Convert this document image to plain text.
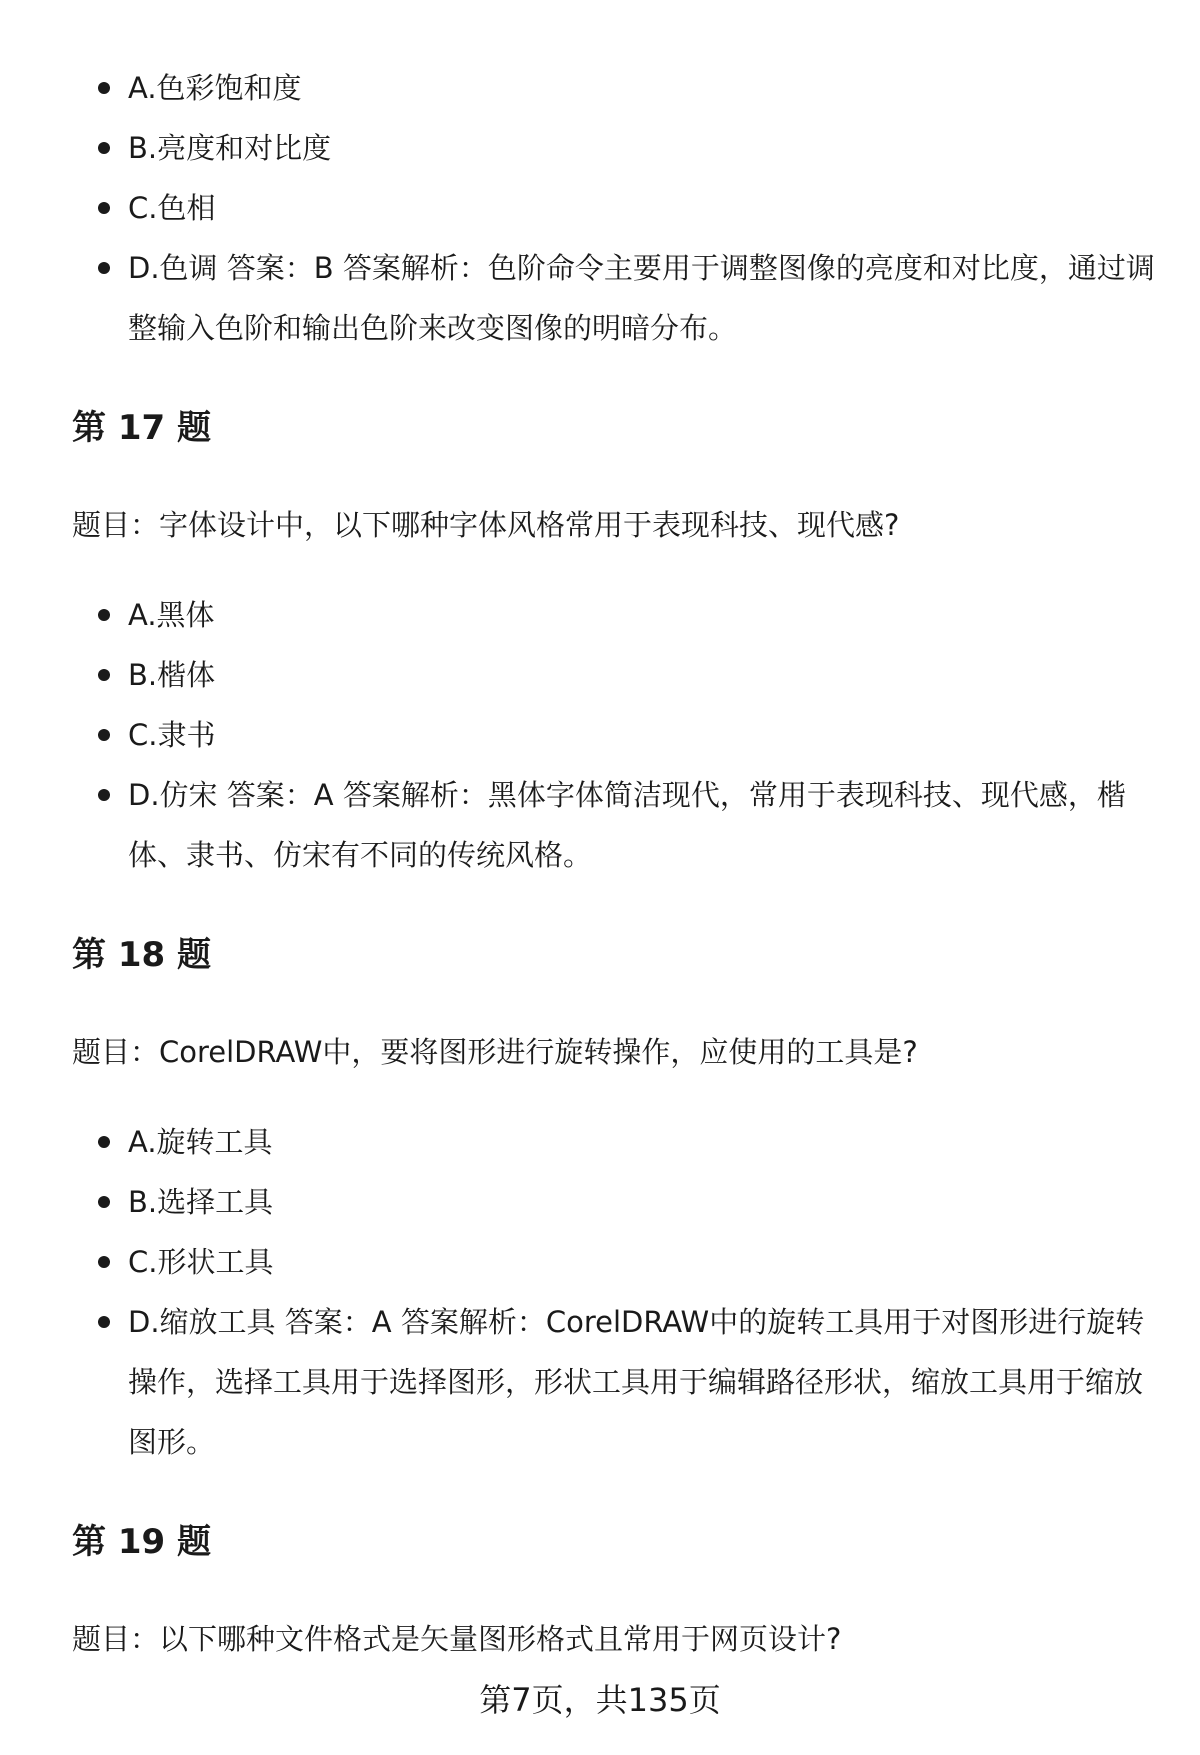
A.色彩饱和度
B.亮度和对比度
C.色相
D.色调 答案：B 答案解析：色阶命令主要用于调整图像的亮度和对比度，通过调整输入色阶和输出色阶来改变图像的明暗分布。
第 17 题

题目：字体设计中，以下哪种字体风格常用于表现科技、现代感?

A.黑体
B.楷体
C.隶书
D.仿宋 答案：A 答案解析：黑体字体简洁现代，常用于表现科技、现代感，楷体、隶书、仿宋有不同的传统风格。
第 18 题

题目：CorelDRAW中，要将图形进行旋转操作，应使用的工具是?

A.旋转工具
B.选择工具
C.形状工具
D.缩放工具 答案：A 答案解析：CorelDRAW中的旋转工具用于对图形进行旋转操作，选择工具用于选择图形，形状工具用于编辑路径形状，缩放工具用于缩放图形。
第 19 题

题目：以下哪种文件格式是矢量图形格式且常用于网页设计?

第7页，共135页
